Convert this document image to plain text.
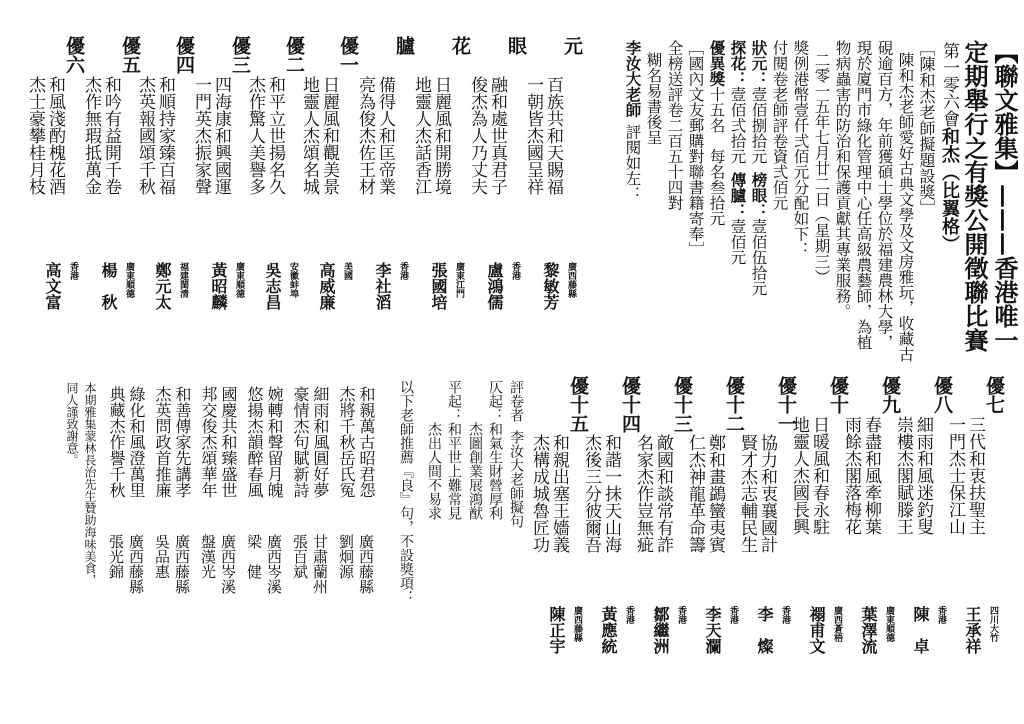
【聯文雅集】———香港唯一
定期舉行之有獎公開徵聯比賽
第一零六會和杰（比翼格）
［陳和杰老師擬題設獎］
陳和杰老師愛好古典文學及文房雅玩，收藏古
硯逾百方，年前獲碩士學位於福建農林大學，
現於廈門市綠化管理中心任高級農藝師，為植
物病蟲害的防治和保護貢獻其專業服務。
二零一五年七月廿二日（星期三）
獎例港幣壹仟弍佰元分配如下：
付閱卷老師評卷資弍佰元
狀元：壹佰捌拾元榜眼：壹佰伍拾元
探花：壹佰弍拾元傳臚：壹佰元
優異獎十五名　每名叁拾元
［國內文友郵購對聯書籍寄奉］
全榜送評卷二百五十四對
糊名易書後呈
李汝大老師評閱如左：
元
百族共和天賜福
一朝皆杰國呈祥
廣西藤縣
黎敏芳
眼
融和處世真君子
俊杰為人乃丈夫
香港
盧鴻儒
花
日麗風和開勝境
地靈人杰話香江
廣東江門
張國培
臚
備得人和匡帝業
亮為俊杰佐王材
香港
李社滔
優一
日麗風和觀美景
地靈人杰頌名城
美國
高威廉
優二
和平立世揚名久
杰作驚人美譽多
安徽蚌埠
吳志昌
優三
四海康和興國運
一門英杰振家聲
廣東順德
黃昭麟
優四
和順持家臻百福
杰英報國頌千秋
福建閩清
鄭元太
優五
和吟有益開千卷
杰作無瑕抵萬金
廣東順德
楊　秋
優六
和風淺酌槐花酒
杰士豪攀桂月枝
香港
高文富
優七
三代和衷扶聖主
一門杰士保江山
四川大竹
王承祥
優八
細雨和風迷釣叟
崇樓杰閣賦滕王
香港
陳　卓
優九
春盡和風牽柳葉
雨餘杰閣落梅花
廣東順德
葉澤流
優十
日暖風和春永駐
地靈人杰國長興
廣西蒼梧
禤甫文
優十一
協力和衷襄國計
賢才杰志輔民生
香港
李　燦
優十二
鄭和畫鷁蠻夷賓
仁杰神龍革命籌
香港
李天瀾
優十三
敵國和談常有詐
名家杰作豈無疵
香港
鄒繼洲
優十四
和諧一抹天山海
杰後三分彼爾吾
香港
黃應統
優十五
和親出塞王嬙義
杰構成城魯匠功
廣西藤縣
陳正宇
評卷者李汝大老師擬句
仄起：和氣生財營厚利
杰圖創業展鴻猷
平起：和平世上難常見
杰出人間不易求
以下老師推薦『良』句，不設獎項：
和親萬古昭君怨
杰將千秋岳氏冤
廣西藤縣
劉炯源
細雨和風圓好夢
豪情杰句賦新詩
甘肅蘭州
張百斌
婉轉和聲留月魄
悠揚杰韻醉春風
廣西岑溪
梁　健
國慶共和臻盛世
邦交俊杰頌華年
廣西岑溪
盤漢光
和善傳家先講孝
杰英問政首推廉
廣西藤縣
吳品惠
綠化和風澄萬里
典藏杰作譽千秋
廣西藤縣
張光錦
本期雅集蒙林長治先生贊助海味美食，
同人謹致謝意。
